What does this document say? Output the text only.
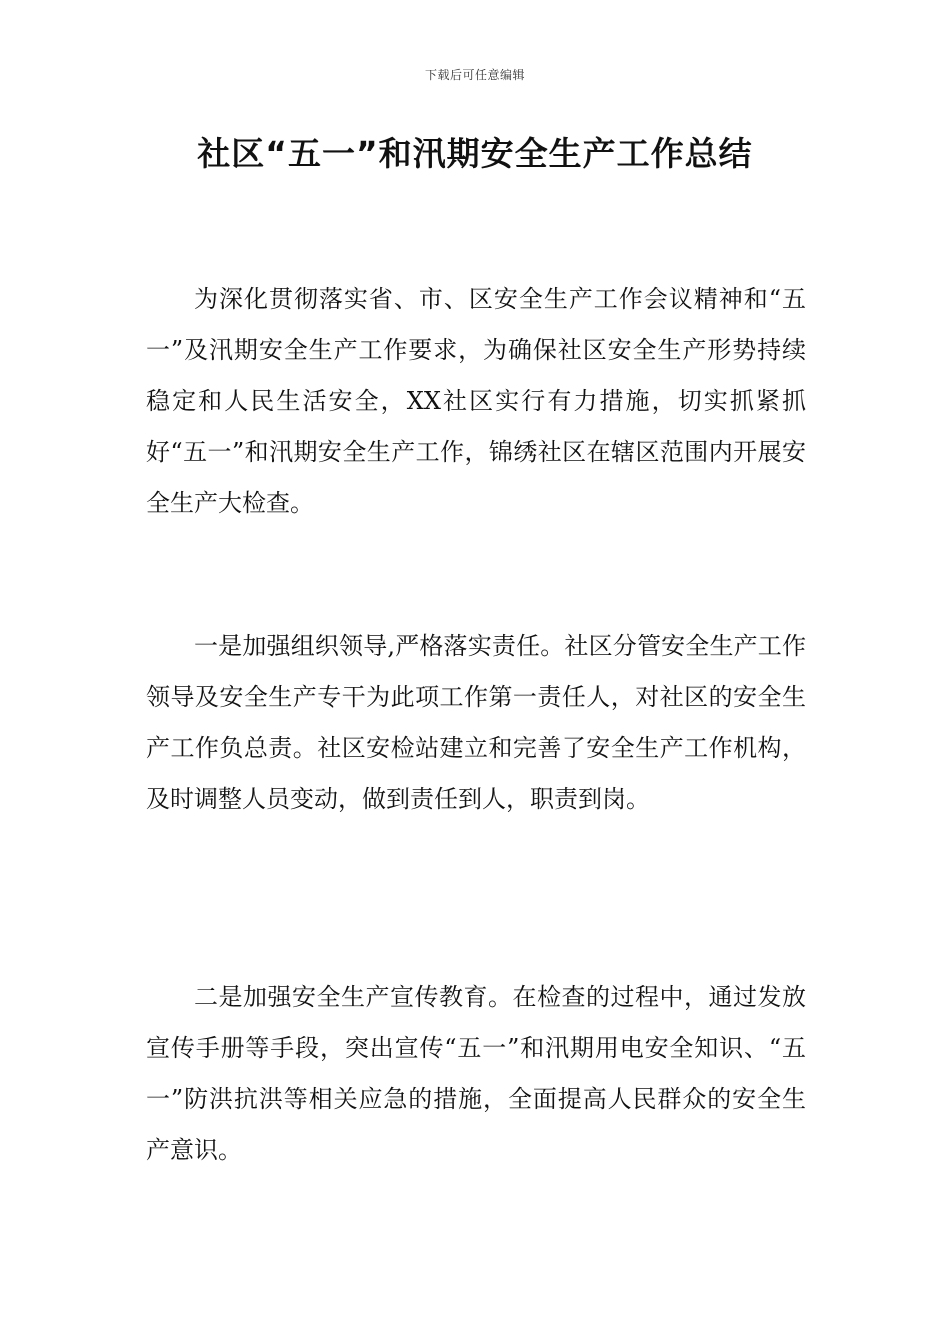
下载后可任意编辑
社区“五一”和汛期安全生产工作总结

为深化贯彻落实省、市、区安全生产工作会议精神和“五一”及汛期安全生产工作要求，为确保社区安全生产形势持续稳定和人民生活安全，XX社区实行有力措施，切实抓紧抓好“五一”和汛期安全生产工作，锦绣社区在辖区范围内开展安全生产大检查。

一是加强组织领导,严格落实责任。社区分管安全生产工作领导及安全生产专干为此项工作第一责任人，对社区的安全生产工作负总责。社区安检站建立和完善了安全生产工作机构，及时调整人员变动，做到责任到人，职责到岗。

二是加强安全生产宣传教育。在检查的过程中，通过发放宣传手册等手段，突出宣传“五一”和汛期用电安全知识、“五一”防洪抗洪等相关应急的措施，全面提高人民群众的安全生产意识。
